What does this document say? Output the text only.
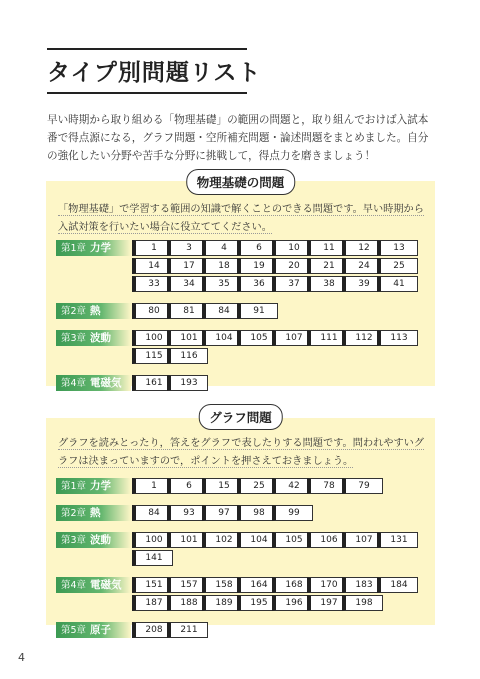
タイプ別問題リスト
早い時期から取り組める「物理基礎」の範囲の問題と，取り組んでおけば入試本番で得点源になる，グラフ問題・空所補充問題・論述問題をまとめました。自分の強化したい分野や苦手な分野に挑戦して，得点力を磨きましょう！
物理基礎の問題
「物理基礎」で学習する範囲の知識で解くことのできる問題です。早い時期から
入試対策を行いたい場合に役立ててください。
第1章 力学	1	3	4	6	10	11	12	13
14	17	18	19	20	21	24	25
33	34	35	36	37	38	39	41
第2章 熱	80	81	84	91
第3章 波動	100	101	104	105	107	111	112	113
115	116
第4章 電磁気	161	193
グラフ問題
グラフを読みとったり，答えをグラフで表したりする問題です。問われやすいグ
ラフは決まっていますので，ポイントを押さえておきましょう。
第1章 力学	1	6	15	25	42	78	79
第2章 熱	84	93	97	98	99
第3章 波動	100	101	102	104	105	106	107	131
141
第4章 電磁気	151	157	158	164	168	170	183	184
187	188	189	195	196	197	198
第5章 原子	208	211
4
